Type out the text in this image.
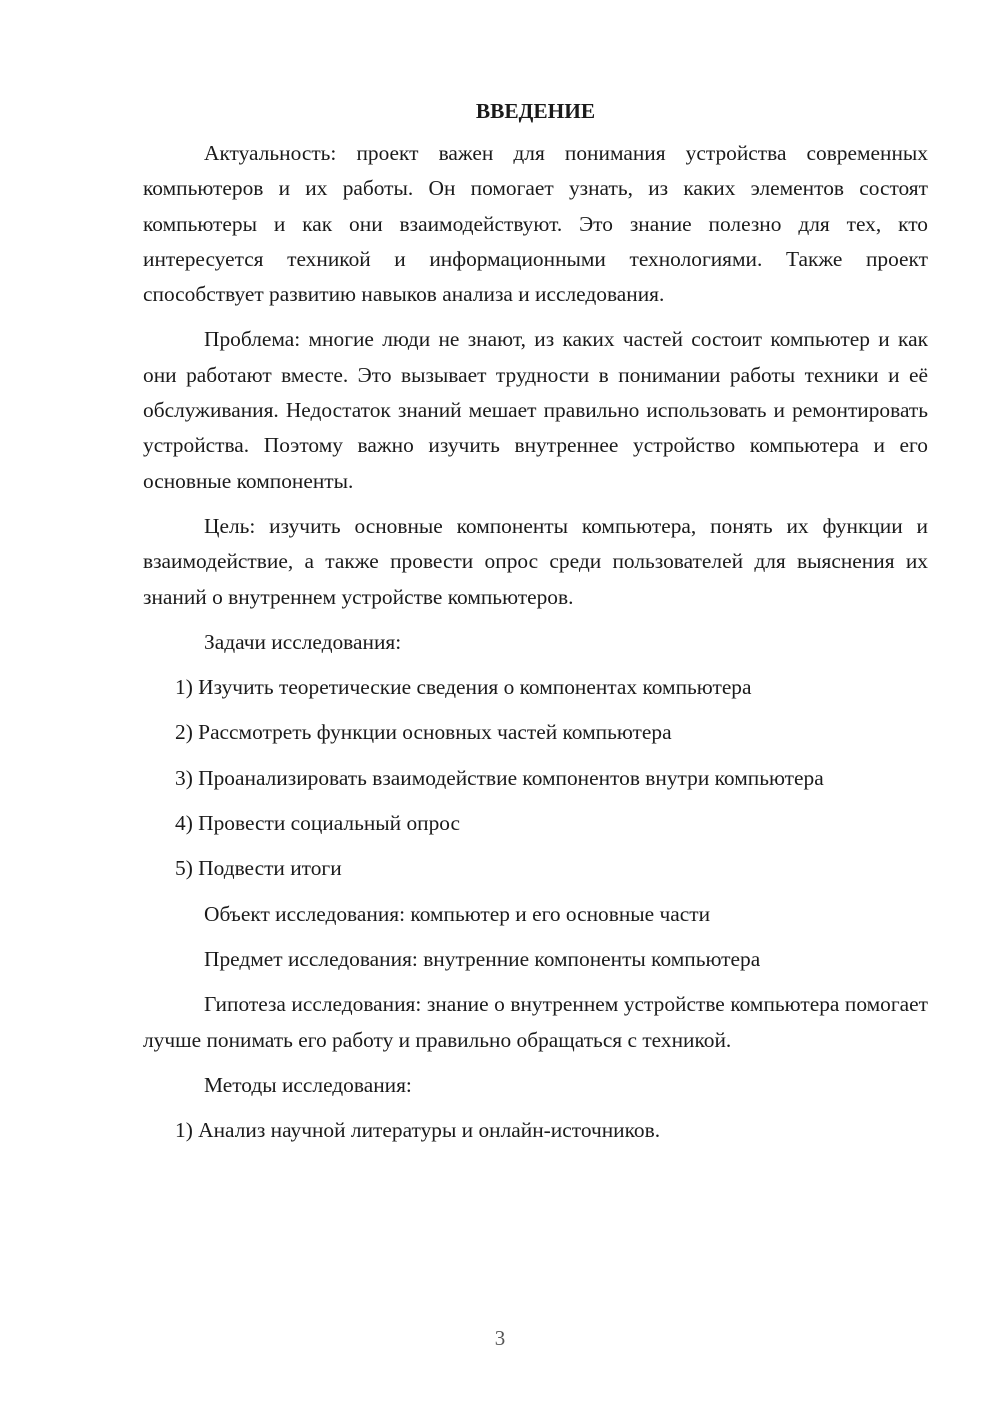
ВВЕДЕНИЕ

Актуальность: проект важен для понимания устройства современных компьютеров и их работы. Он помогает узнать, из каких элементов состоят компьютеры и как они взаимодействуют. Это знание полезно для тех, кто интересуется техникой и информационными технологиями. Также проект способствует развитию навыков анализа и исследования.

Проблема: многие люди не знают, из каких частей состоит компьютер и как они работают вместе. Это вызывает трудности в понимании работы техники и её обслуживания. Недостаток знаний мешает правильно использовать и ремонтировать устройства. Поэтому важно изучить внутреннее устройство компьютера и его основные компоненты.

Цель: изучить основные компоненты компьютера, понять их функции и взаимодействие, а также провести опрос среди пользователей для выяснения их знаний о внутреннем устройстве компьютеров.

Задачи исследования:

1) Изучить теоретические сведения о компонентах компьютера

2) Рассмотреть функции основных частей компьютера

3) Проанализировать взаимодействие компонентов внутри компьютера

4) Провести социальный опрос

5) Подвести итоги

Объект исследования: компьютер и его основные части

Предмет исследования: внутренние компоненты компьютера

Гипотеза исследования: знание о внутреннем устройстве компьютера помогает лучше понимать его работу и правильно обращаться с техникой.

Методы исследования:

1) Анализ научной литературы и онлайн-источников.

3
